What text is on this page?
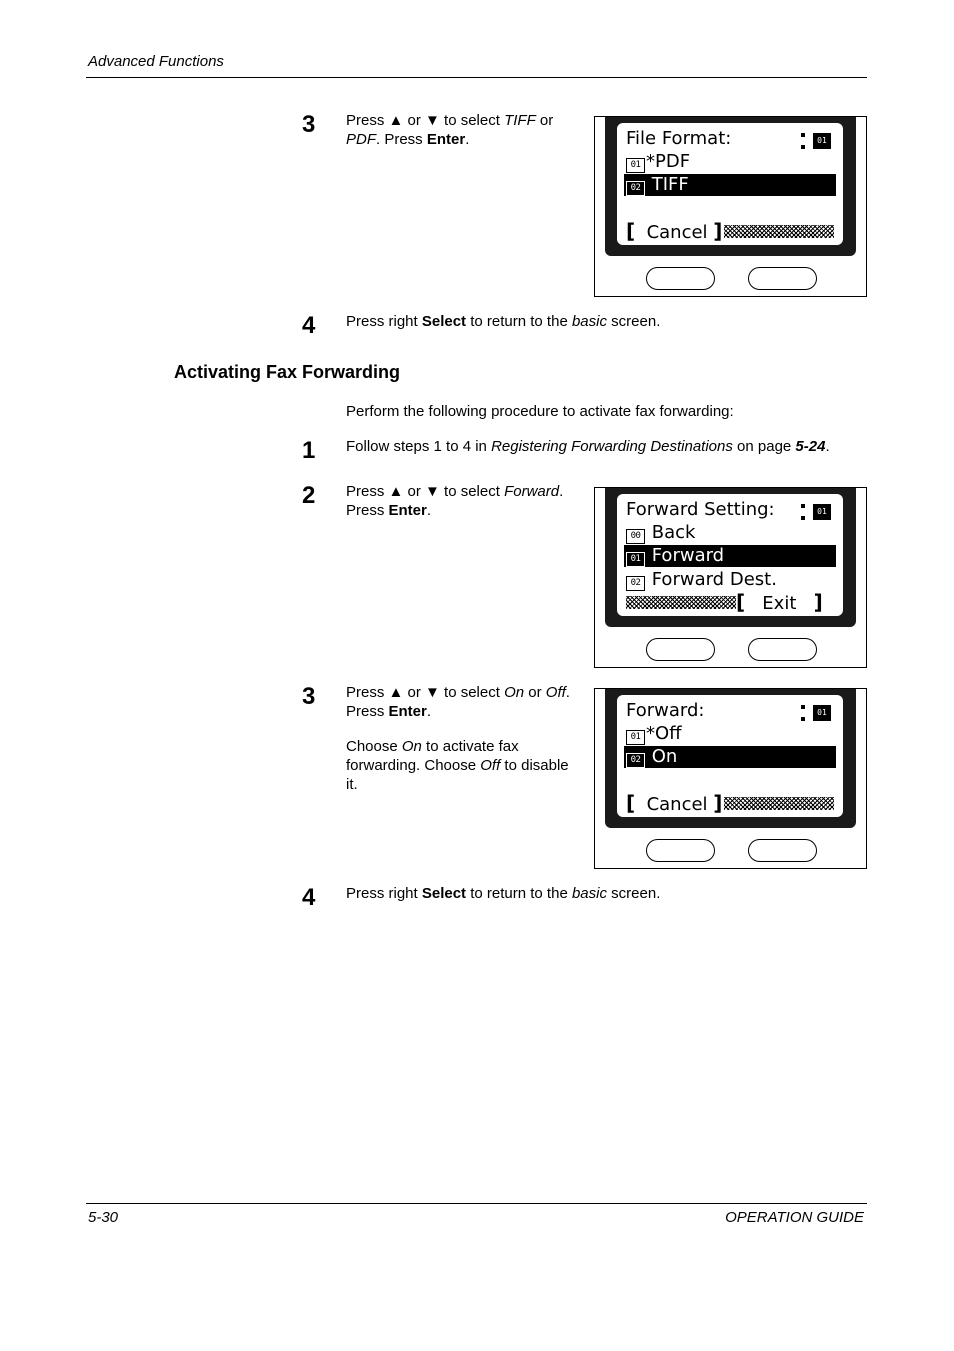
Advanced Functions
3 Press ▲ or ▼ to select TIFF or
PDF. Press Enter.	File Format:	01
01 *PDF
02 TIFF
[  Cancel ]
4 Press right Select to return to the basic screen.
Activating Fax Forwarding
Perform the following procedure to activate fax forwarding:
1 Follow steps 1 to 4 in Registering Forwarding Destinations on page 5-24.
2 Press ▲ or ▼ to select Forward.
Press Enter.	Forward Setting:	01
00 Back
01 Forward
02 Forward Dest.
[   Exit   ]
3 Press ▲ or ▼ to select On or Off.
Press Enter.
Choose On to activate fax
forwarding. Choose Off to disable
it.
Forward:	01
01 *Off
02 On
[  Cancel ]
4 Press right Select to return to the basic screen.
5-30	OPERATION GUIDE
